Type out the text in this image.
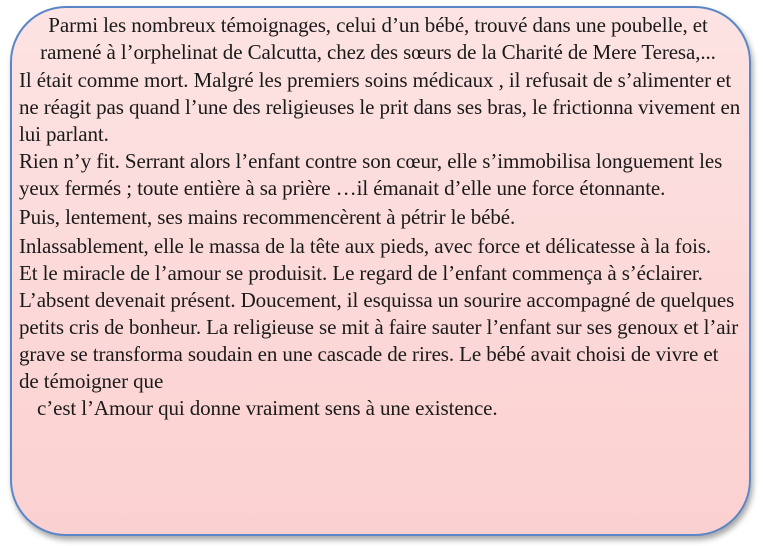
Parmi les nombreux témoignages, celui d’un bébé, trouvé dans une poubelle, et ramené à l’orphelinat de Calcutta, chez des sœurs de la Charité de Mere Teresa,...

Il était comme mort. Malgré les premiers soins médicaux , il refusait de s’alimenter et ne réagit pas quand l’une des religieuses le prit dans ses bras, le frictionna vivement en lui parlant.

Rien n’y fit. Serrant alors l’enfant contre son cœur, elle s’immobilisa longuement les yeux fermés ; toute entière à sa prière …il émanait d’elle une force étonnante.

Puis, lentement, ses mains recommencèrent à pétrir le bébé.

Inlassablement, elle le massa de la tête aux pieds, avec force et délicatesse à la fois.

Et le miracle de l’amour se produisit. Le regard de l’enfant commença à s’éclairer. L’absent devenait présent. Doucement, il esquissa un sourire accompagné de quelques petits cris de bonheur. La religieuse se mit à faire sauter l’enfant sur ses genoux et l’air grave se transforma soudain en une cascade de rires. Le bébé avait choisi de vivre et de témoigner que

c’est l’Amour qui donne vraiment sens à une existence.
